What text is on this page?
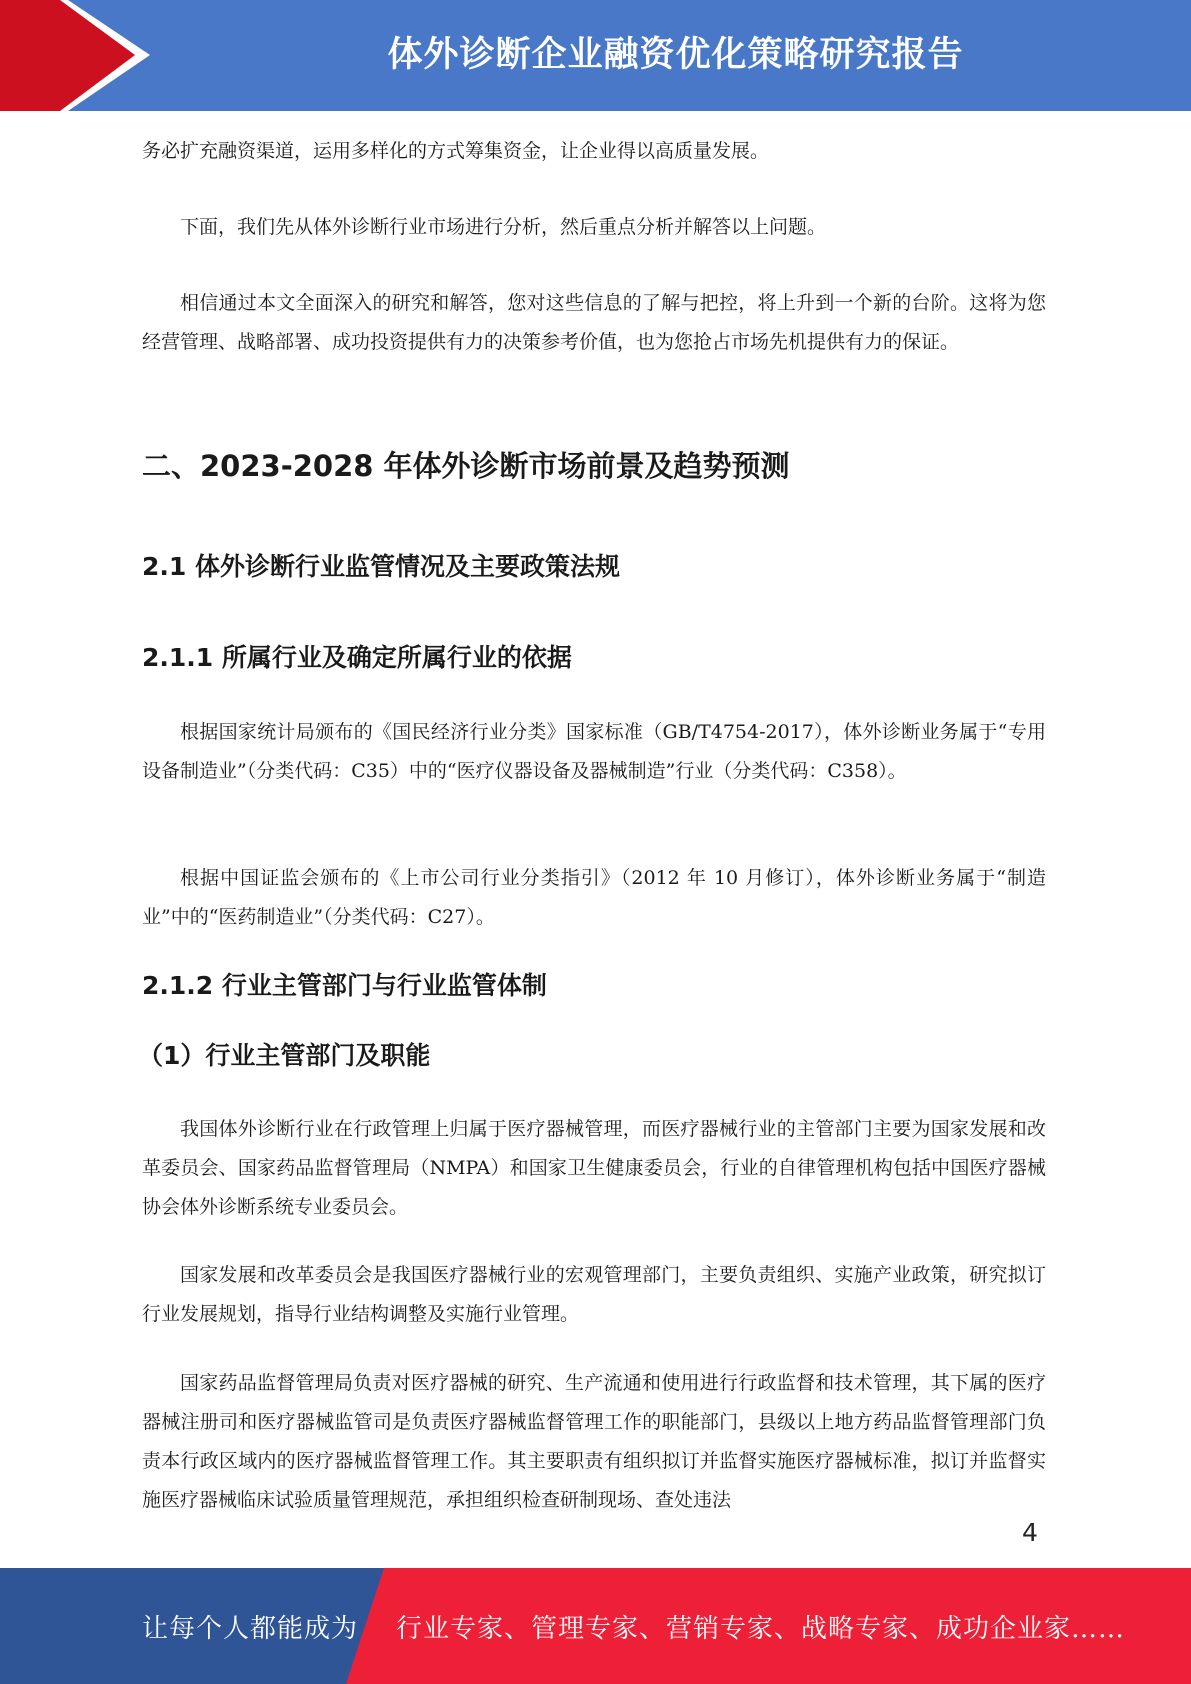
体外诊断企业融资优化策略研究报告

务必扩充融资渠道，运用多样化的方式筹集资金，让企业得以高质量发展。

下面，我们先从体外诊断行业市场进行分析，然后重点分析并解答以上问题。

相信通过本文全面深入的研究和解答，您对这些信息的了解与把控，将上升到一个新的台阶。这将为您经营管理、战略部署、成功投资提供有力的决策参考价值，也为您抢占市场先机提供有力的保证。

二、2023-2028 年体外诊断市场前景及趋势预测
2.1 体外诊断行业监管情况及主要政策法规
2.1.1 所属行业及确定所属行业的依据

根据国家统计局颁布的《国民经济行业分类》国家标准（GB/T4754-2017），体外诊断业务属于“专用设备制造业”（分类代码：C35）中的“医疗仪器设备及器械制造”行业（分类代码：C358）。

根据中国证监会颁布的《上市公司行业分类指引》（2012 年 10 月修订），体外诊断业务属于“制造业”中的“医药制造业”（分类代码：C27）。

2.1.2 行业主管部门与行业监管体制
（1）行业主管部门及职能

我国体外诊断行业在行政管理上归属于医疗器械管理，而医疗器械行业的主管部门主要为国家发展和改革委员会、国家药品监督管理局（NMPA）和国家卫生健康委员会，行业的自律管理机构包括中国医疗器械协会体外诊断系统专业委员会。

国家发展和改革委员会是我国医疗器械行业的宏观管理部门，主要负责组织、实施产业政策，研究拟订行业发展规划，指导行业结构调整及实施行业管理。

国家药品监督管理局负责对医疗器械的研究、生产流通和使用进行行政监督和技术管理，其下属的医疗器械注册司和医疗器械监管司是负责医疗器械监督管理工作的职能部门，县级以上地方药品监督管理部门负责本行政区域内的医疗器械监督管理工作。其主要职责有组织拟订并监督实施医疗器械标准，拟订并监督实施医疗器械临床试验质量管理规范，承担组织检查研制现场、查处违法

4
让每个人都能成为 行业专家、管理专家、营销专家、战略专家、成功企业家……
